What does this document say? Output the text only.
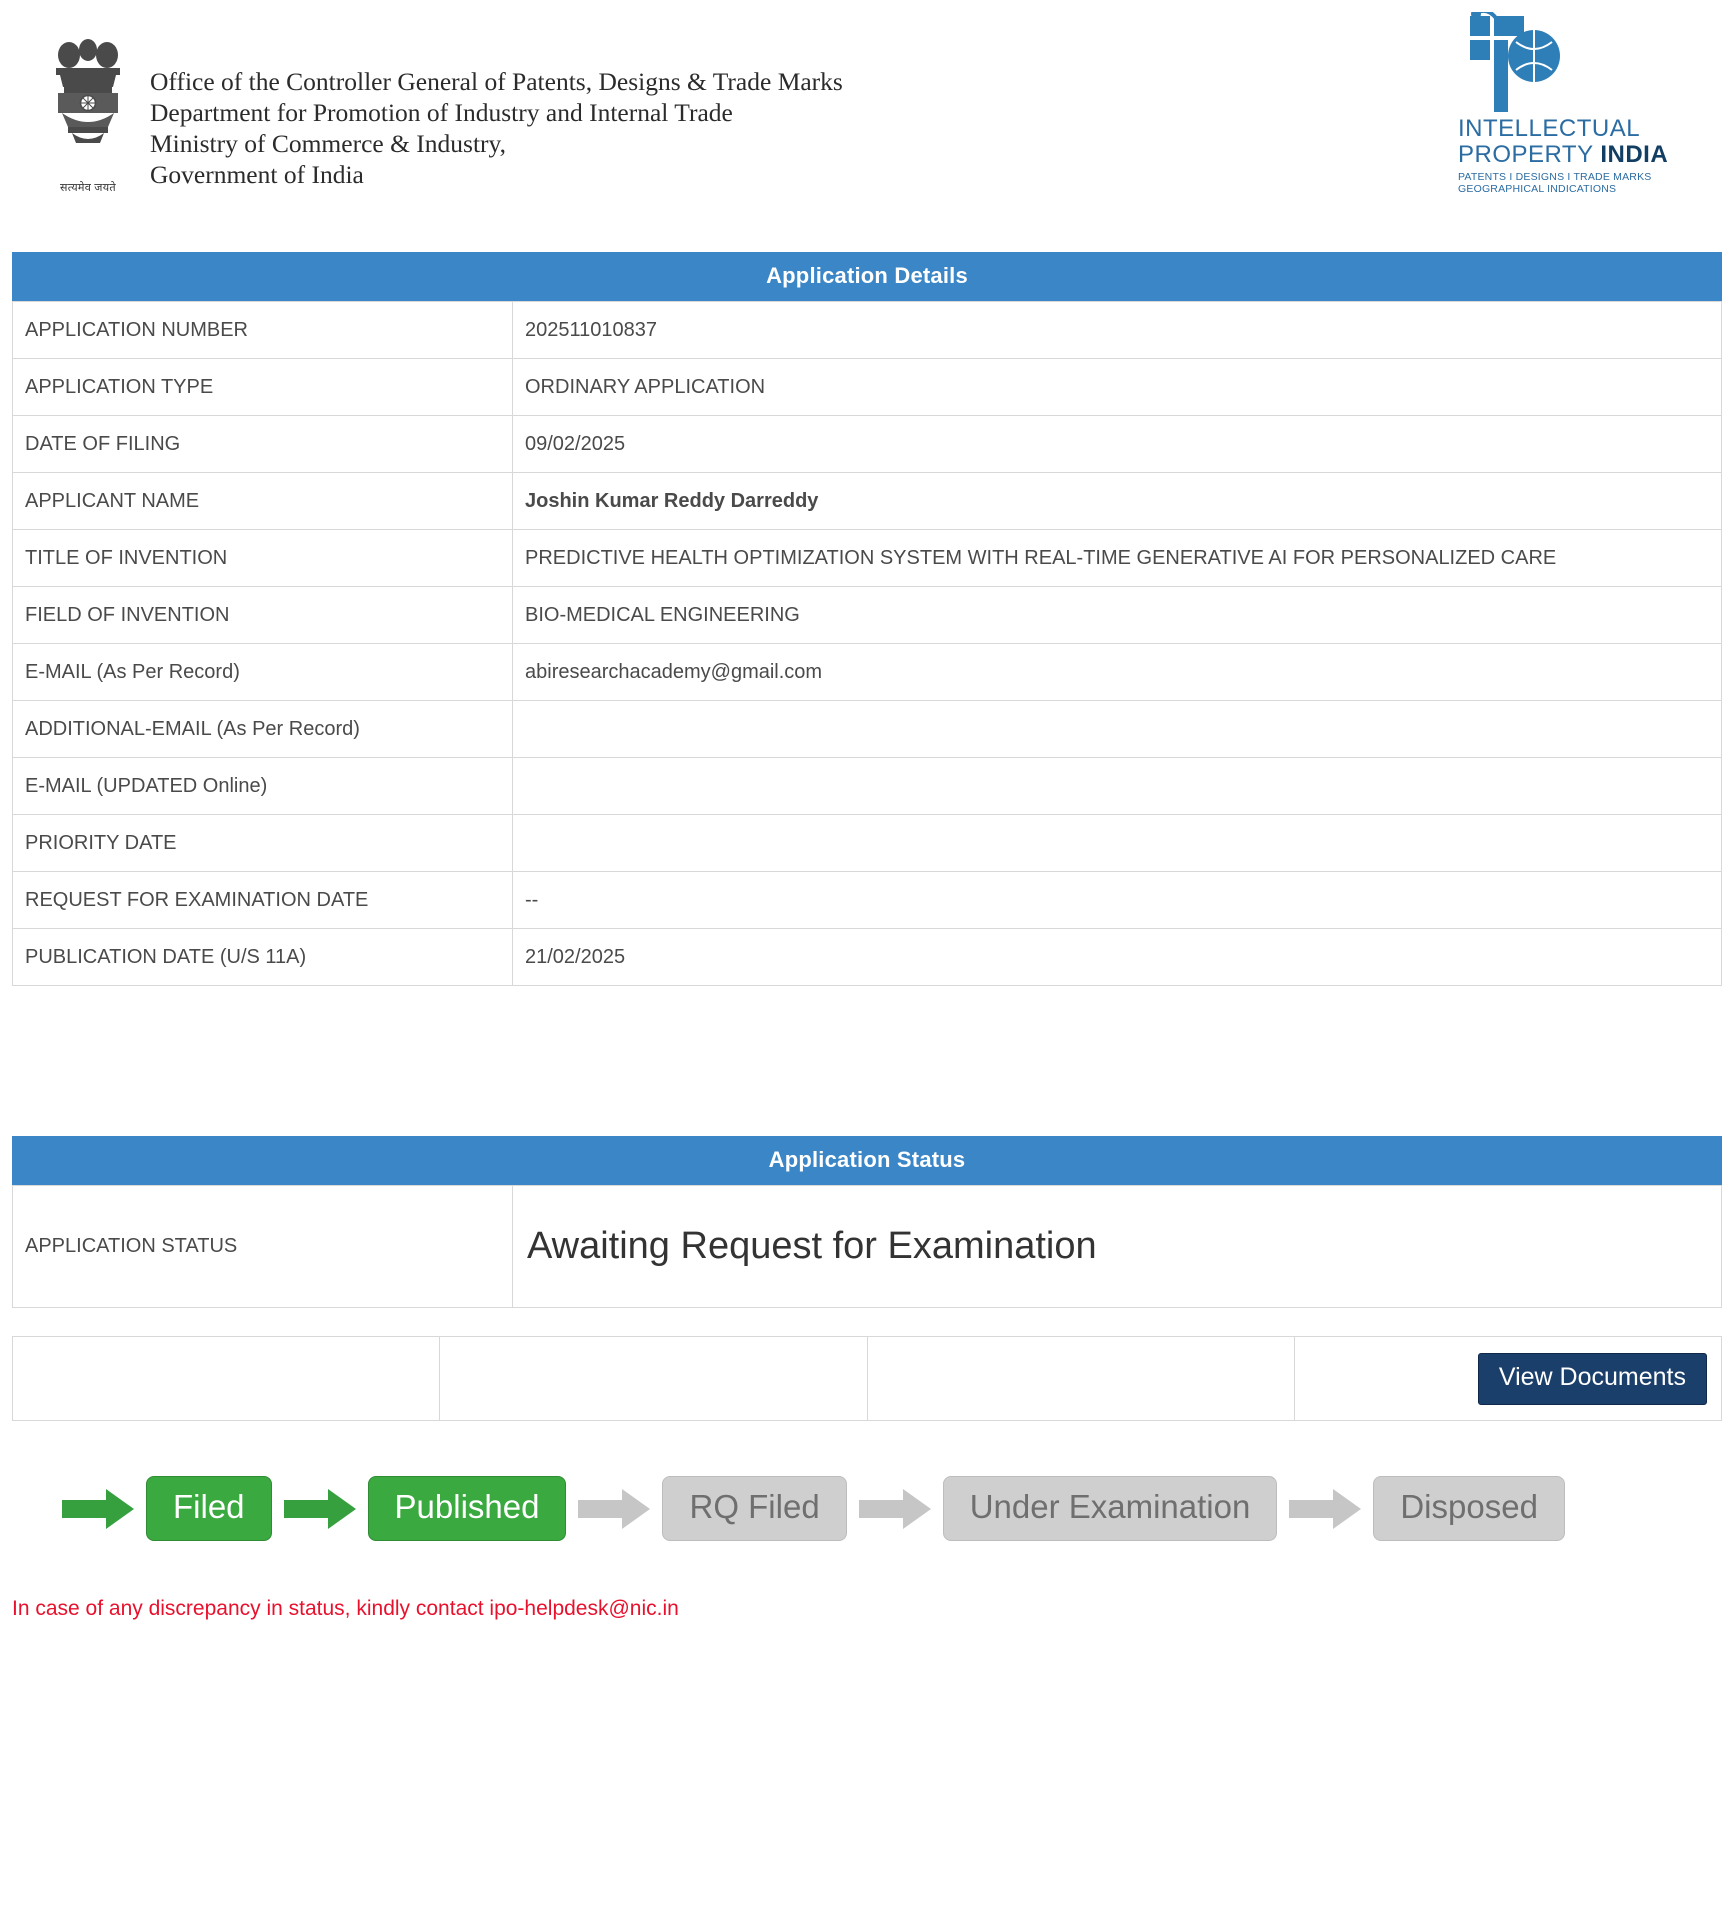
सत्यमेव जयते
Office of the Controller General of Patents, Designs & Trade Marks
Department for Promotion of Industry and Internal Trade
Ministry of Commerce & Industry,
Government of India
INTELLECTUAL
PROPERTY INDIA
PATENTS I DESIGNS I TRADE MARKS
GEOGRAPHICAL INDICATIONS
Application Details
APPLICATION NUMBER	202511010837
APPLICATION TYPE	ORDINARY APPLICATION
DATE OF FILING	09/02/2025
APPLICANT NAME	Joshin Kumar Reddy Darreddy
TITLE OF INVENTION	PREDICTIVE HEALTH OPTIMIZATION SYSTEM WITH REAL-TIME GENERATIVE AI FOR PERSONALIZED CARE
FIELD OF INVENTION	BIO-MEDICAL ENGINEERING
E-MAIL (As Per Record)	abiresearchacademy@gmail.com
ADDITIONAL-EMAIL (As Per Record)	
E-MAIL (UPDATED Online)	
PRIORITY DATE	
REQUEST FOR EXAMINATION DATE	--
PUBLICATION DATE (U/S 11A)	21/02/2025
Application Status
APPLICATION STATUS	Awaiting Request for Examination
			View Documents
Filed	Published	RQ Filed	Under Examination	Disposed
In case of any discrepancy in status, kindly contact ipo-helpdesk@nic.in
